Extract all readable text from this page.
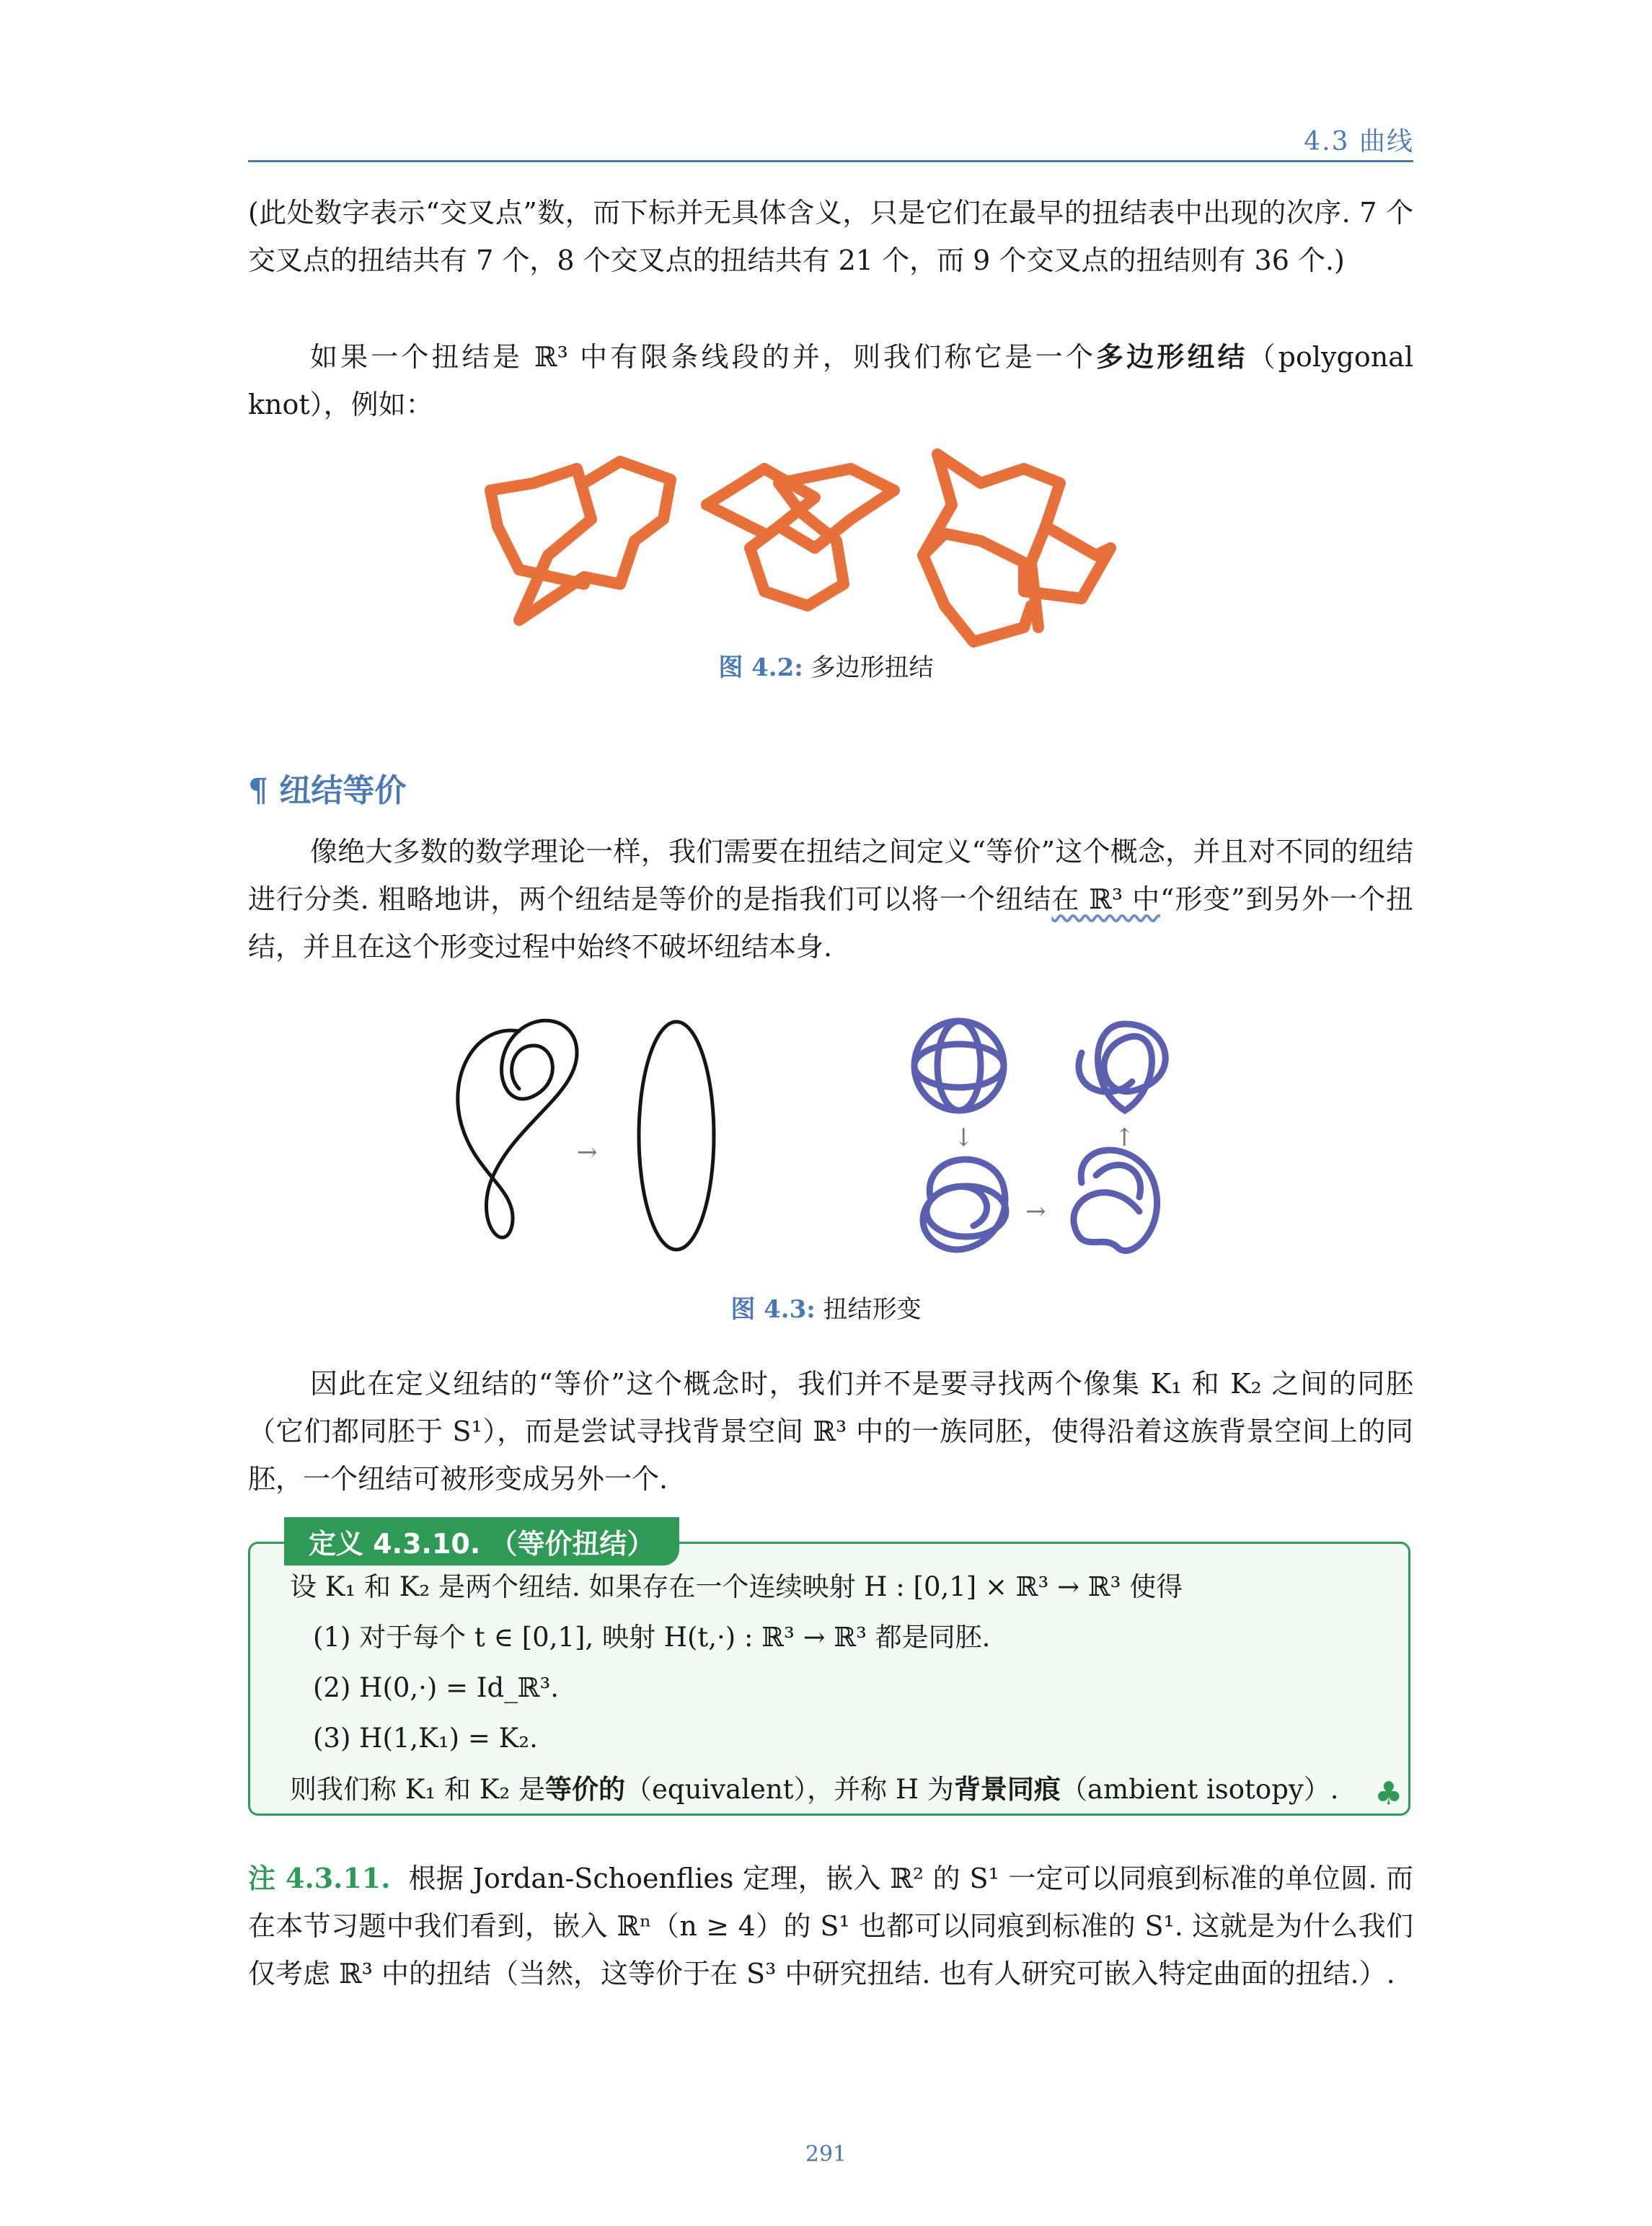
4.3 曲线

(此处数字表示“交叉点”数，而下标并无具体含义，只是它们在最早的扭结表中出现的次序. 7 个交叉点的扭结共有 7 个，8 个交叉点的扭结共有 21 个，而 9 个交叉点的扭结则有 36 个.)

如果一个扭结是 ℝ³ 中有限条线段的并，则我们称它是一个多边形纽结（polygonal knot），例如：

图 4.2: 多边形扭结
¶ 纽结等价

像绝大多数的数学理论一样，我们需要在扭结之间定义“等价”这个概念，并且对不同的纽结进行分类. 粗略地讲，两个纽结是等价的是指我们可以将一个纽结在 ℝ³ 中“形变”到另外一个扭结，并且在这个形变过程中始终不破坏纽结本身.

→	↓	↑
→
图 4.3: 扭结形变

因此在定义纽结的“等价”这个概念时，我们并不是要寻找两个像集 K₁ 和 K₂ 之间的同胚（它们都同胚于 S¹），而是尝试寻找背景空间 ℝ³ 中的一族同胚，使得沿着这族背景空间上的同胚，一个纽结可被形变成另外一个.

定义 4.3.10. （等价扭结）
设 K₁ 和 K₂ 是两个纽结. 如果存在一个连续映射 H : [0,1] × ℝ³ → ℝ³ 使得
(1) 对于每个 t ∈ [0,1], 映射 H(t,·) : ℝ³ → ℝ³ 都是同胚.
(2) H(0,·) = Id_ℝ³.
(3) H(1,K₁) = K₂.
则我们称 K₁ 和 K₂ 是等价的（equivalent），并称 H 为背景同痕（ambient isotopy）. ♣

注 4.3.11. 根据 Jordan-Schoenflies 定理，嵌入 ℝ² 的 S¹ 一定可以同痕到标准的单位圆. 而在本节习题中我们看到，嵌入 ℝⁿ（n ≥ 4）的 S¹ 也都可以同痕到标准的 S¹. 这就是为什么我们仅考虑 ℝ³ 中的扭结（当然，这等价于在 S³ 中研究扭结. 也有人研究可嵌入特定曲面的扭结.）.

291
